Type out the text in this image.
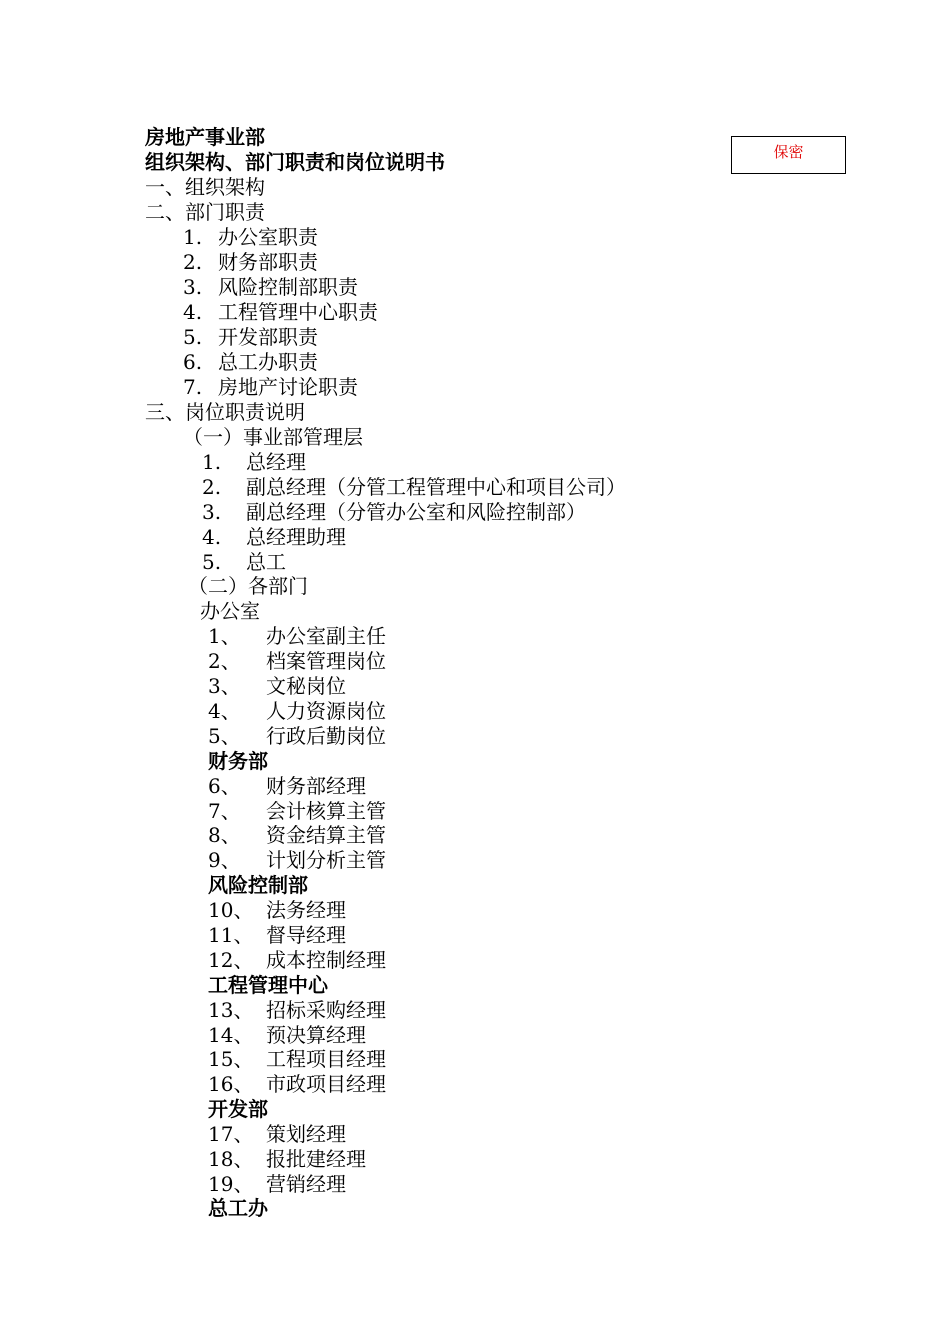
房地产事业部
组织架构、部门职责和岗位说明书	保密
一、组织架构
二、部门职责
1. 办公室职责
2. 财务部职责
3. 风险控制部职责
4. 工程管理中心职责
5. 开发部职责
6. 总工办职责
7. 房地产讨论职责
三、岗位职责说明
（一）事业部管理层
1. 总经理
2. 副总经理（分管工程管理中心和项目公司）
3. 副总经理（分管办公室和风险控制部）
4. 总经理助理
5. 总工
（二）各部门
办公室
1、 办公室副主任
2、 档案管理岗位
3、 文秘岗位
4、 人力资源岗位
5、 行政后勤岗位
财务部
6、 财务部经理
7、 会计核算主管
8、 资金结算主管
9、 计划分析主管
风险控制部
10、 法务经理
11、 督导经理
12、 成本控制经理
工程管理中心
13、 招标采购经理
14、 预决算经理
15、 工程项目经理
16、 市政项目经理
开发部
17、 策划经理
18、 报批建经理
19、 营销经理
总工办
